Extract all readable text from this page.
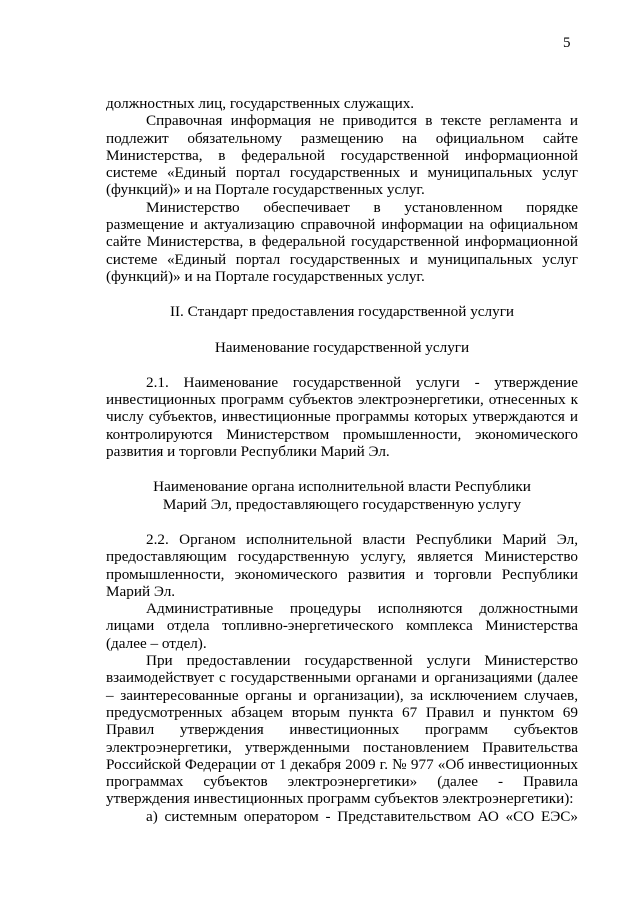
5

должностных лиц, государственных служащих.

Справочная информация не приводится в тексте регламента и подлежит обязательному размещению на официальном сайте Министерства, в федеральной государственной информационной системе «Единый портал государственных и муниципальных услуг (функций)» и на Портале государственных услуг.

Министерство обеспечивает в установленном порядке размещение и актуализацию справочной информации на официальном сайте Министерства, в федеральной государственной информационной системе «Единый портал государственных и муниципальных услуг (функций)» и на Портале государственных услуг.

II. Стандарт предоставления государственной услуги

Наименование государственной услуги

2.1. Наименование государственной услуги - утверждение инвестиционных программ субъектов электроэнергетики, отнесенных к числу субъектов, инвестиционные программы которых утверждаются и контролируются Министерством промышленности, экономического развития и торговли Республики Марий Эл.

Наименование органа исполнительной власти Республики

Марий Эл, предоставляющего государственную услугу

2.2. Органом исполнительной власти Республики Марий Эл, предоставляющим государственную услугу, является Министерство промышленности, экономического развития и торговли Республики Марий Эл.

Административные процедуры исполняются должностными лицами отдела топливно-энергетического комплекса Министерства (далее – отдел).

При предоставлении государственной услуги Министерство взаимодействует с государственными органами и организациями (далее – заинтересованные органы и организации), за исключением случаев, предусмотренных абзацем вторым пункта 67 Правил и пунктом 69 Правил утверждения инвестиционных программ субъектов электроэнергетики, утвержденными постановлением Правительства Российской Федерации от 1 декабря 2009 г. № 977 «Об инвестиционных программах субъектов электроэнергетики» (далее - Правила утверждения инвестиционных программ субъектов электроэнергетики):

а) системным оператором - Представительством АО «СО ЕЭС»
